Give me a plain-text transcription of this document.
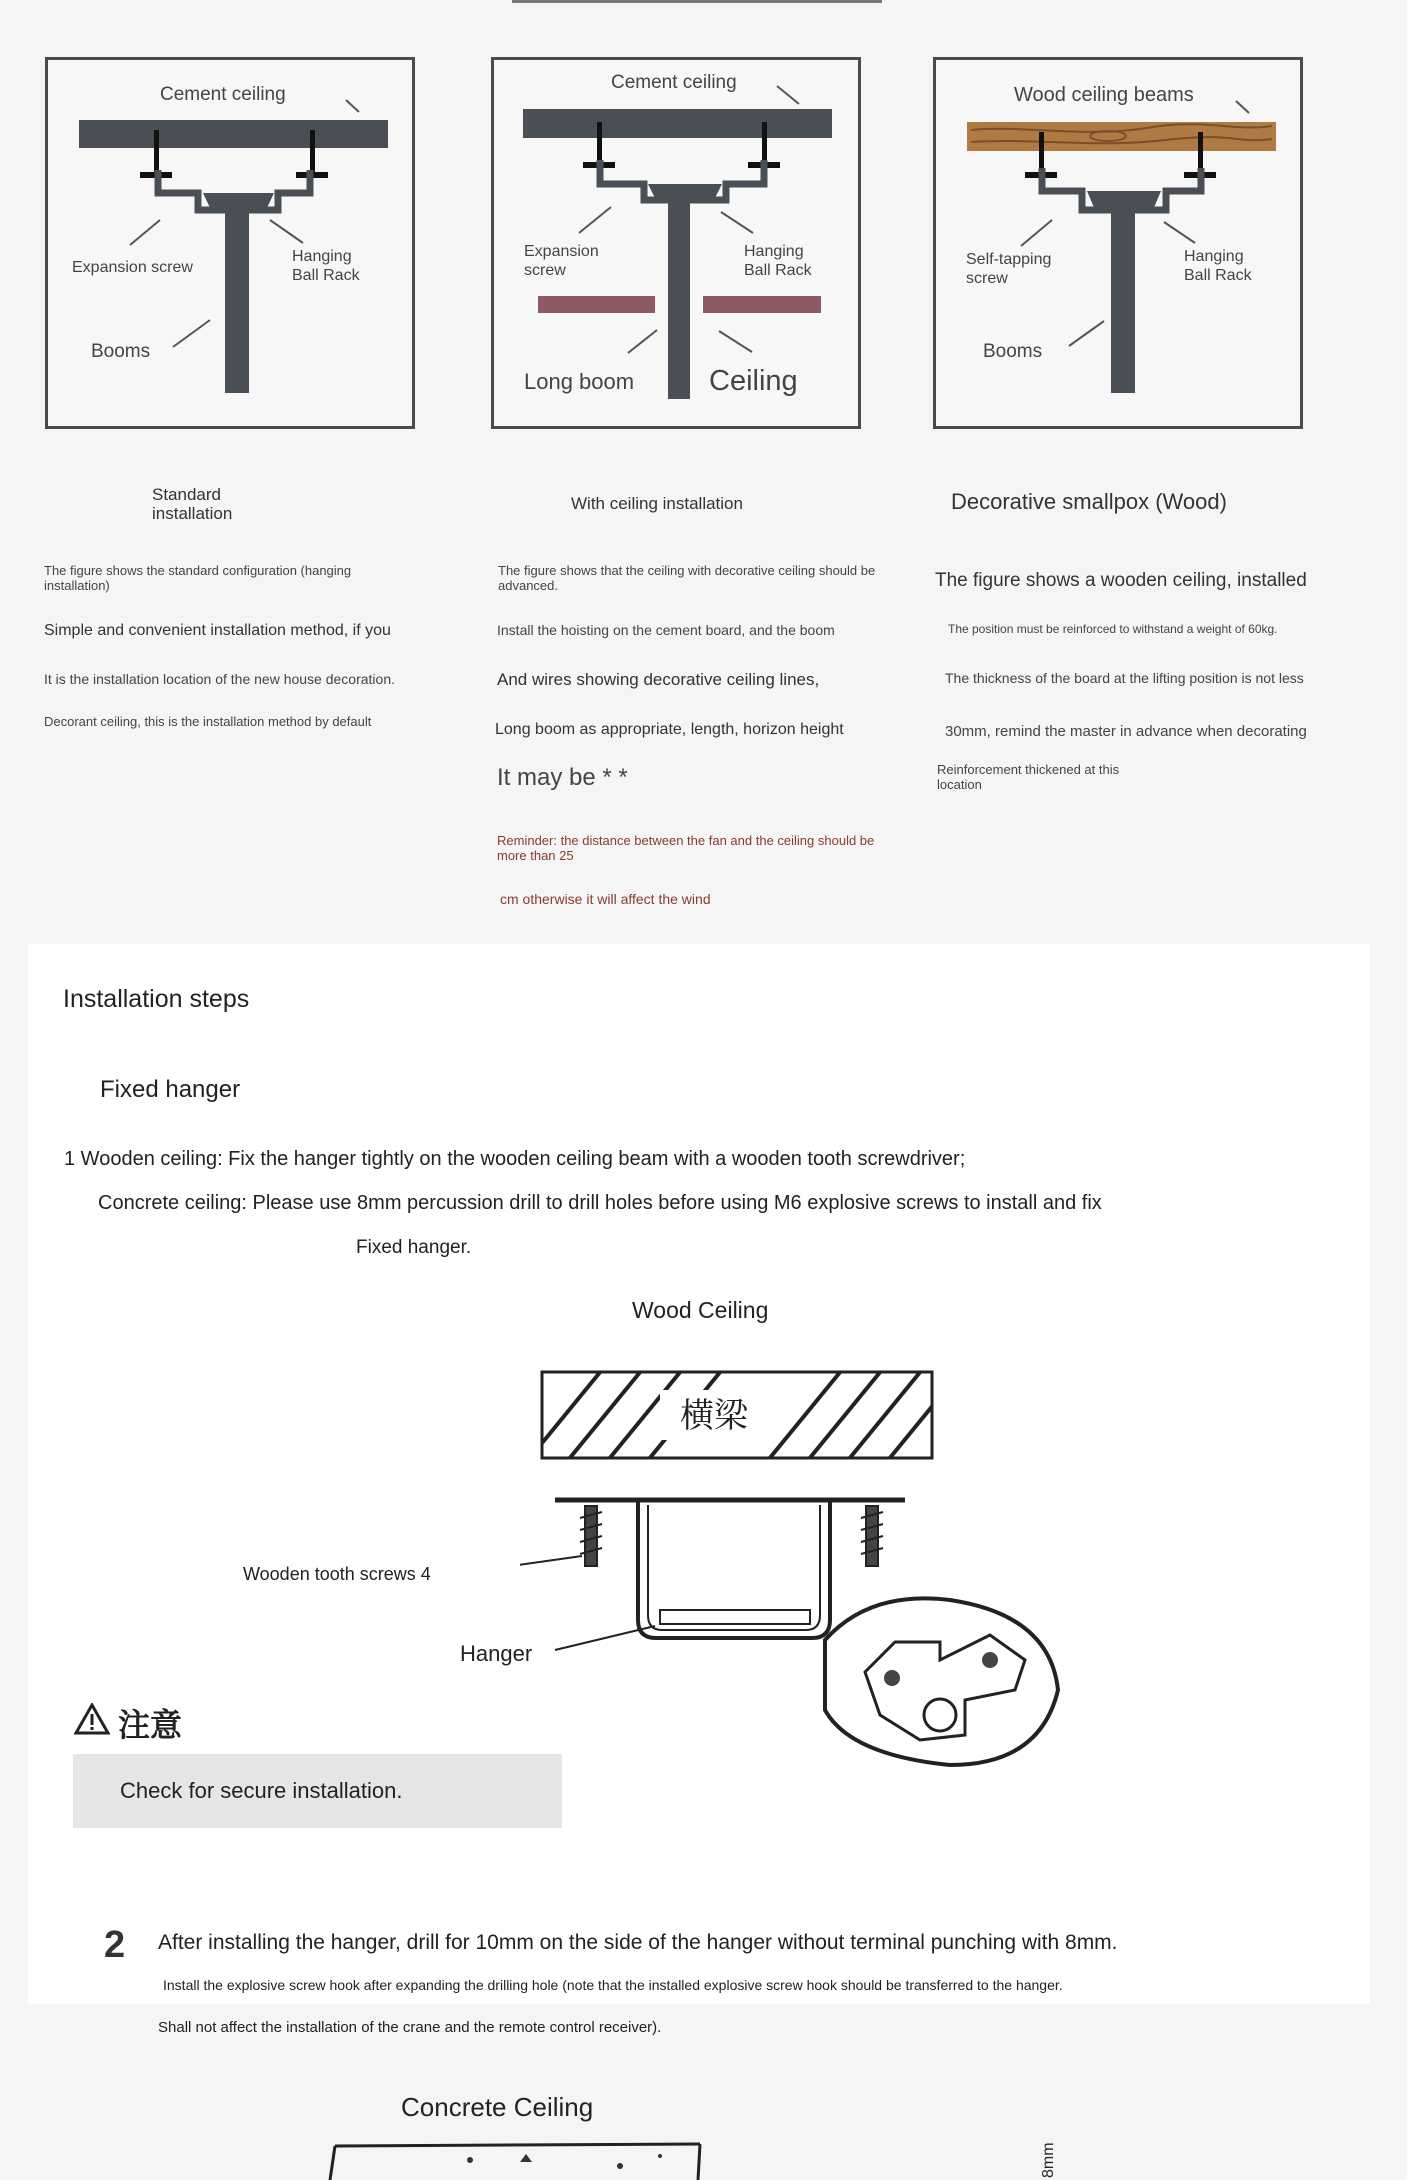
Cement ceiling
Expansion screw
Hanging Ball Rack
Booms
Cement ceiling
Expansion screw
Hanging Ball Rack
Long boom	Ceiling
Wood ceiling beams
Self-tapping screw
Hanging Ball Rack
Booms
Standard installation
With ceiling installation	Decorative smallpox (Wood)
The figure shows the standard configuration (hanging installation)
Simple and convenient installation method, if you
It is the installation location of the new house decoration.
Decorant ceiling, this is the installation method by default
The figure shows that the ceiling with decorative ceiling should be advanced.
Install the hoisting on the cement board, and the boom
And wires showing decorative ceiling lines,
Long boom as appropriate, length, horizon height
It may be * *
Reminder: the distance between the fan and the ceiling should be more than 25
cm otherwise it will affect the wind
The figure shows a wooden ceiling, installed
The position must be reinforced to withstand a weight of 60kg.
The thickness of the board at the lifting position is not less
30mm, remind the master in advance when decorating
Reinforcement thickened at this location
Installation steps
Fixed hanger
1 Wooden ceiling: Fix the hanger tightly on the wooden ceiling beam with a wooden tooth screwdriver;
Concrete ceiling: Please use 8mm percussion drill to drill holes before using M6 explosive screws to install and fix
Fixed hanger.
Wood Ceiling
横梁
Wooden tooth screws 4
Hanger
注意
Check for secure installation.
2 After installing the hanger, drill for 10mm on the side of the hanger without terminal punching with 8mm.
Install the explosive screw hook after expanding the drilling hole (note that the installed explosive screw hook should be transferred to the hanger.
Shall not affect the installation of the crane and the remote control receiver).
Concrete Ceiling
8mm
